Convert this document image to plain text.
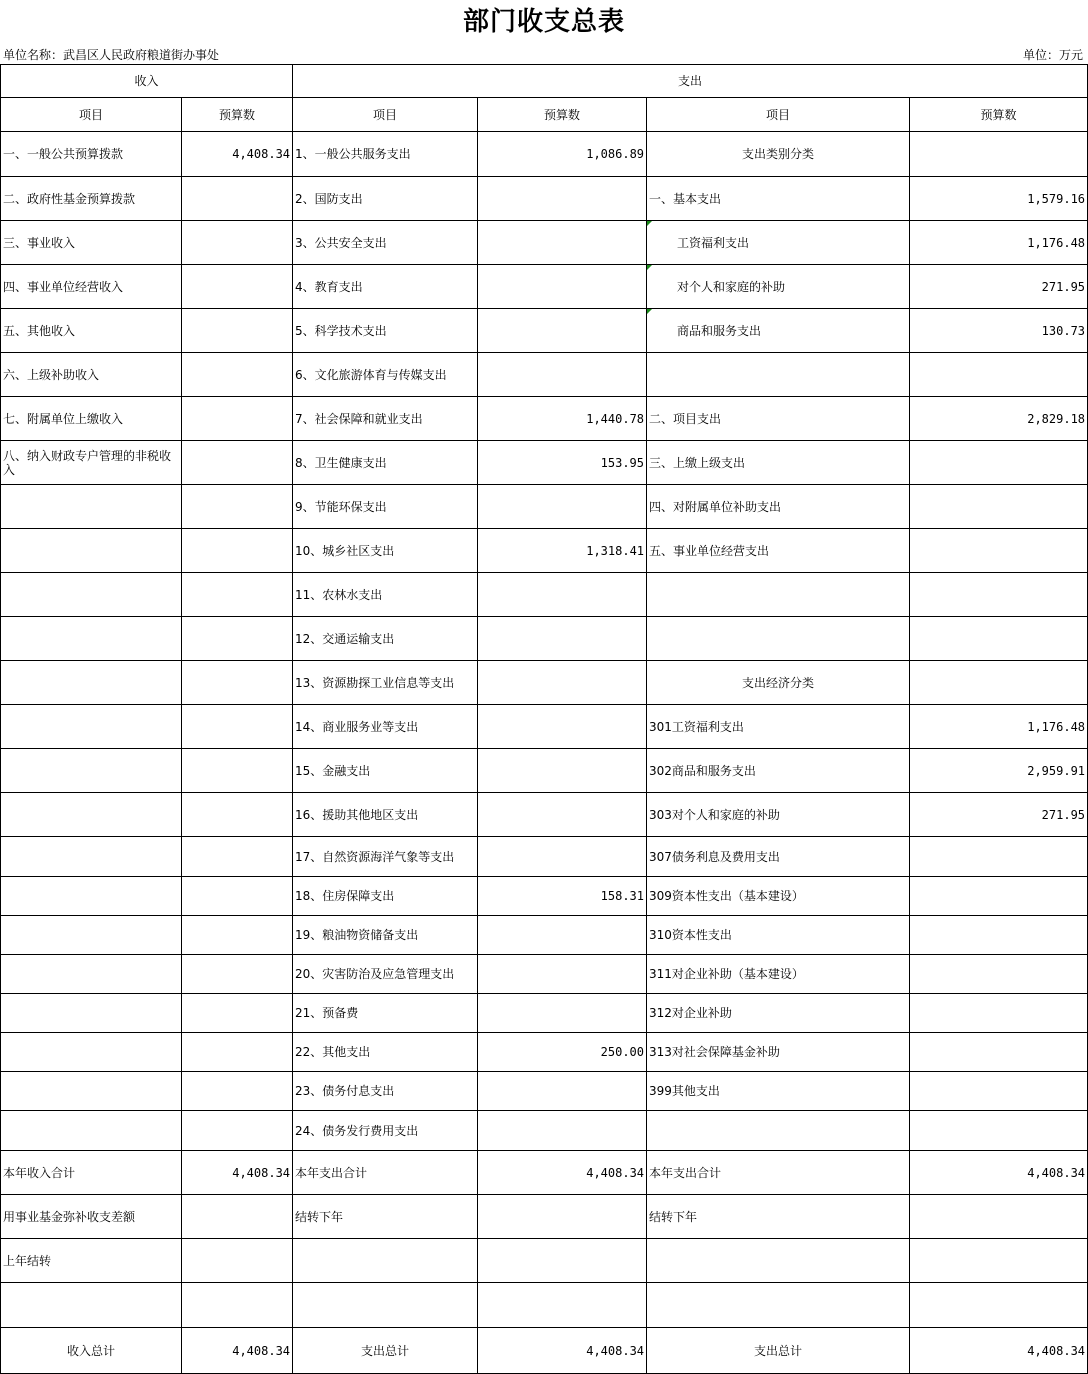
部门收支总表
单位名称：武昌区人民政府粮道街办事处	单位：万元
收入		支出			
项目	预算数	项目	预算数	项目	预算数
一、一般公共预算拨款	4,408.34	1、一般公共服务支出	1,086.89	支出类别分类	
二、政府性基金预算拨款		2、国防支出		一、基本支出	1,579.16
三、事业收入		3、公共安全支出		工资福利支出	1,176.48
四、事业单位经营收入		4、教育支出		对个人和家庭的补助	271.95
五、其他收入		5、科学技术支出		商品和服务支出	130.73
六、上级补助收入		6、文化旅游体育与传媒支出			
七、附属单位上缴收入		7、社会保障和就业支出	1,440.78	二、项目支出	2,829.18
八、纳入财政专户管理的非税收入		8、卫生健康支出	153.95	三、上缴上级支出	
		9、节能环保支出		四、对附属单位补助支出	
		10、城乡社区支出	1,318.41	五、事业单位经营支出	
		11、农林水支出			
		12、交通运输支出			
		13、资源勘探工业信息等支出		支出经济分类	
		14、商业服务业等支出		301工资福利支出	1,176.48
		15、金融支出		302商品和服务支出	2,959.91
		16、援助其他地区支出		303对个人和家庭的补助	271.95
		17、自然资源海洋气象等支出		307债务利息及费用支出	
		18、住房保障支出	158.31	309资本性支出（基本建设）	
		19、粮油物资储备支出		310资本性支出	
		20、灾害防治及应急管理支出		311对企业补助（基本建设）	
		21、预备费		312对企业补助	
		22、其他支出	250.00	313对社会保障基金补助	
		23、债务付息支出		399其他支出	
		24、债务发行费用支出			
本年收入合计	4,408.34	本年支出合计	4,408.34	本年支出合计	4,408.34
用事业基金弥补收支差额		结转下年		结转下年	
上年结转					

收入总计	4,408.34	支出总计	4,408.34	支出总计	4,408.34
